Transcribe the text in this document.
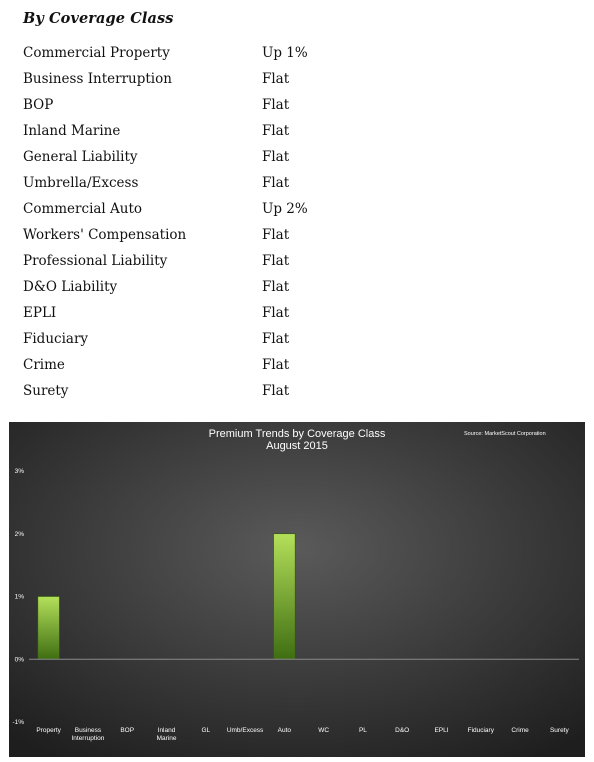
By Coverage Class
Commercial Property	Up 1%
Business Interruption	Flat
BOP	Flat
Inland Marine	Flat
General Liability	Flat
Umbrella/Excess	Flat
Commercial Auto	Up 2%
Workers' Compensation	Flat
Professional Liability	Flat
D&O Liability	Flat
EPLI	Flat
Fiduciary	Flat
Crime	Flat
Surety	Flat
Premium Trends by Coverage Class
August 2015
Source: MarketScout Corporation
-1%
0%
1%
2%
3%
Property Business
Interruption
BOP	Inland
Marine
GL	Umb/Excess Auto	WC	PL	D&O	EPLI	Fiduciary	Crime	Surety
